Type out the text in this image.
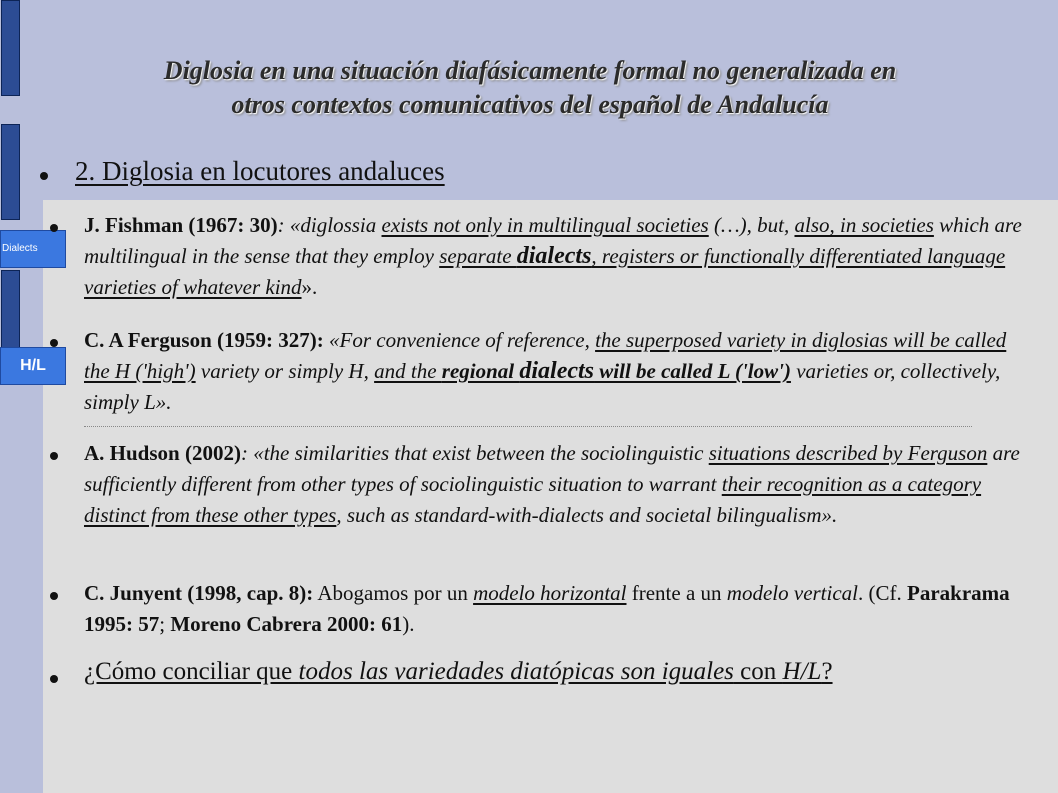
Dialects
H/L
Diglosia en una situación diafásicamente formal no generalizada en
otros contextos comunicativos del español de Andalucía
2. Diglosia en locutores andaluces
J. Fishman (1967: 30): «diglossia exists not only in multilingual societies (…), but, also, in societies which are multilingual in the sense that they employ separate dialects, registers or functionally differentiated language varieties of whatever kind».
C. A Ferguson (1959: 327): «For convenience of reference, the superposed variety in diglosias will be called the H ('high') variety or simply H, and the regional dialects will be called L ('low') varieties or, collectively, simply L».
A. Hudson (2002): «the similarities that exist between the sociolinguistic situations described by Ferguson are sufficiently different from other types of sociolinguistic situation to warrant their recognition as a category distinct from these other types, such as standard-with-dialects and societal bilingualism».
C. Junyent (1998, cap. 8): Abogamos por un modelo horizontal frente a un modelo vertical. (Cf. Parakrama 1995: 57; Moreno Cabrera 2000: 61).
¿Cómo conciliar que todos las variedades diatópicas son iguales con H/L?
